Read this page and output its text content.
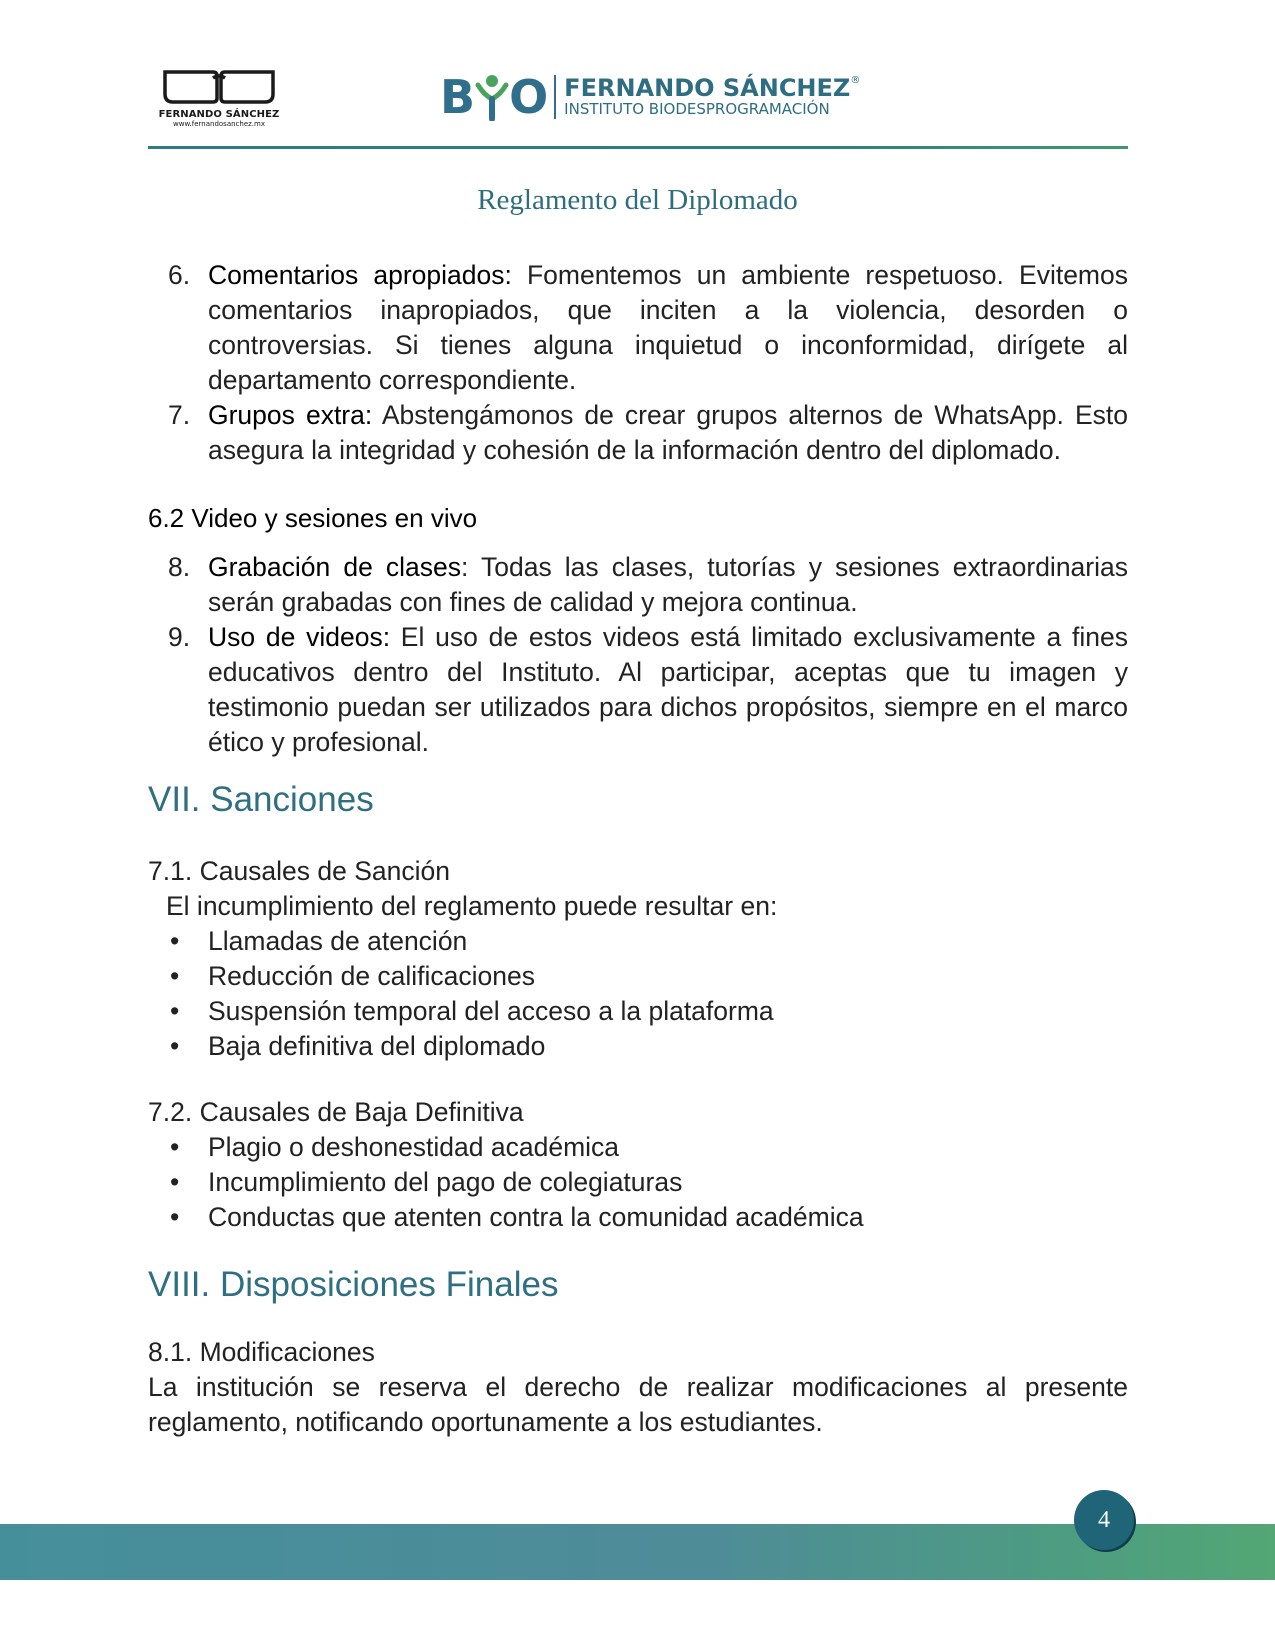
FERNANDO SÁNCHEZ
www.fernandosanchez.mx	B O FERNANDO SÁNCHEZ®
INSTITUTO BIODESPROGRAMACIÓN
Reglamento del Diplomado
6. Comentarios apropiados: Fomentemos un ambiente respetuoso. Evitemos comentarios inapropiados, que inciten a la violencia, desorden o controversias. Si tienes alguna inquietud o inconformidad, dirígete al departamento correspondiente.
7. Grupos extra: Abstengámonos de crear grupos alternos de WhatsApp. Esto asegura la integridad y cohesión de la información dentro del diplomado.
6.2 Video y sesiones en vivo
8. Grabación de clases: Todas las clases, tutorías y sesiones extraordinarias serán grabadas con fines de calidad y mejora continua.
9. Uso de videos: El uso de estos videos está limitado exclusivamente a fines educativos dentro del Instituto. Al participar, aceptas que tu imagen y testimonio puedan ser utilizados para dichos propósitos, siempre en el marco ético y profesional.
VII. Sanciones
7.1. Causales de Sanción
El incumplimiento del reglamento puede resultar en:
• Llamadas de atención
• Reducción de calificaciones
• Suspensión temporal del acceso a la plataforma
• Baja definitiva del diplomado
7.2. Causales de Baja Definitiva
• Plagio o deshonestidad académica
• Incumplimiento del pago de colegiaturas
• Conductas que atenten contra la comunidad académica
VIII. Disposiciones Finales
8.1. Modificaciones

La institución se reserva el derecho de realizar modificaciones al presente reglamento, notificando oportunamente a los estudiantes.

4
